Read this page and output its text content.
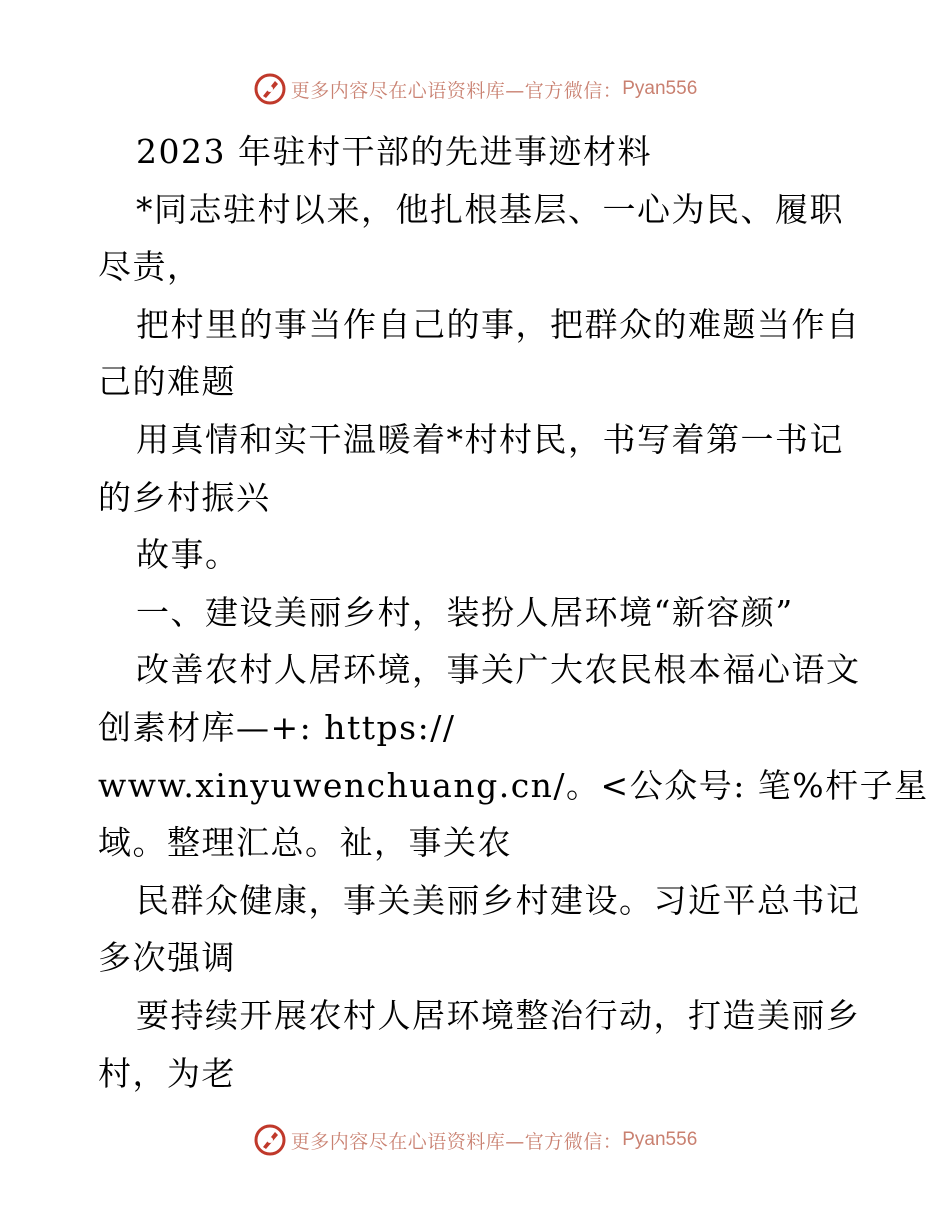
更多内容尽在心语资料库—官方微信： Pyan556
2023 年驻村干部的先进事迹材料
*同志驻村以来，他扎根基层、一心为民、履职
尽责，
把村里的事当作自己的事，把群众的难题当作自
己的难题
用真情和实干温暖着*村村民，书写着第一书记
的乡村振兴
故事。
一、建设美丽乡村，装扮人居环境“新容颜”
改善农村人居环境，事关广大农民根本福心语文
创素材库—+: https://
www.xinyuwenchuang.cn/。<公众号: 笔%杆子星
域。整理汇总。祉，事关农
民群众健康，事关美丽乡村建设。习近平总书记
多次强调
要持续开展农村人居环境整治行动，打造美丽乡
村，为老
更多内容尽在心语资料库—官方微信： Pyan556
